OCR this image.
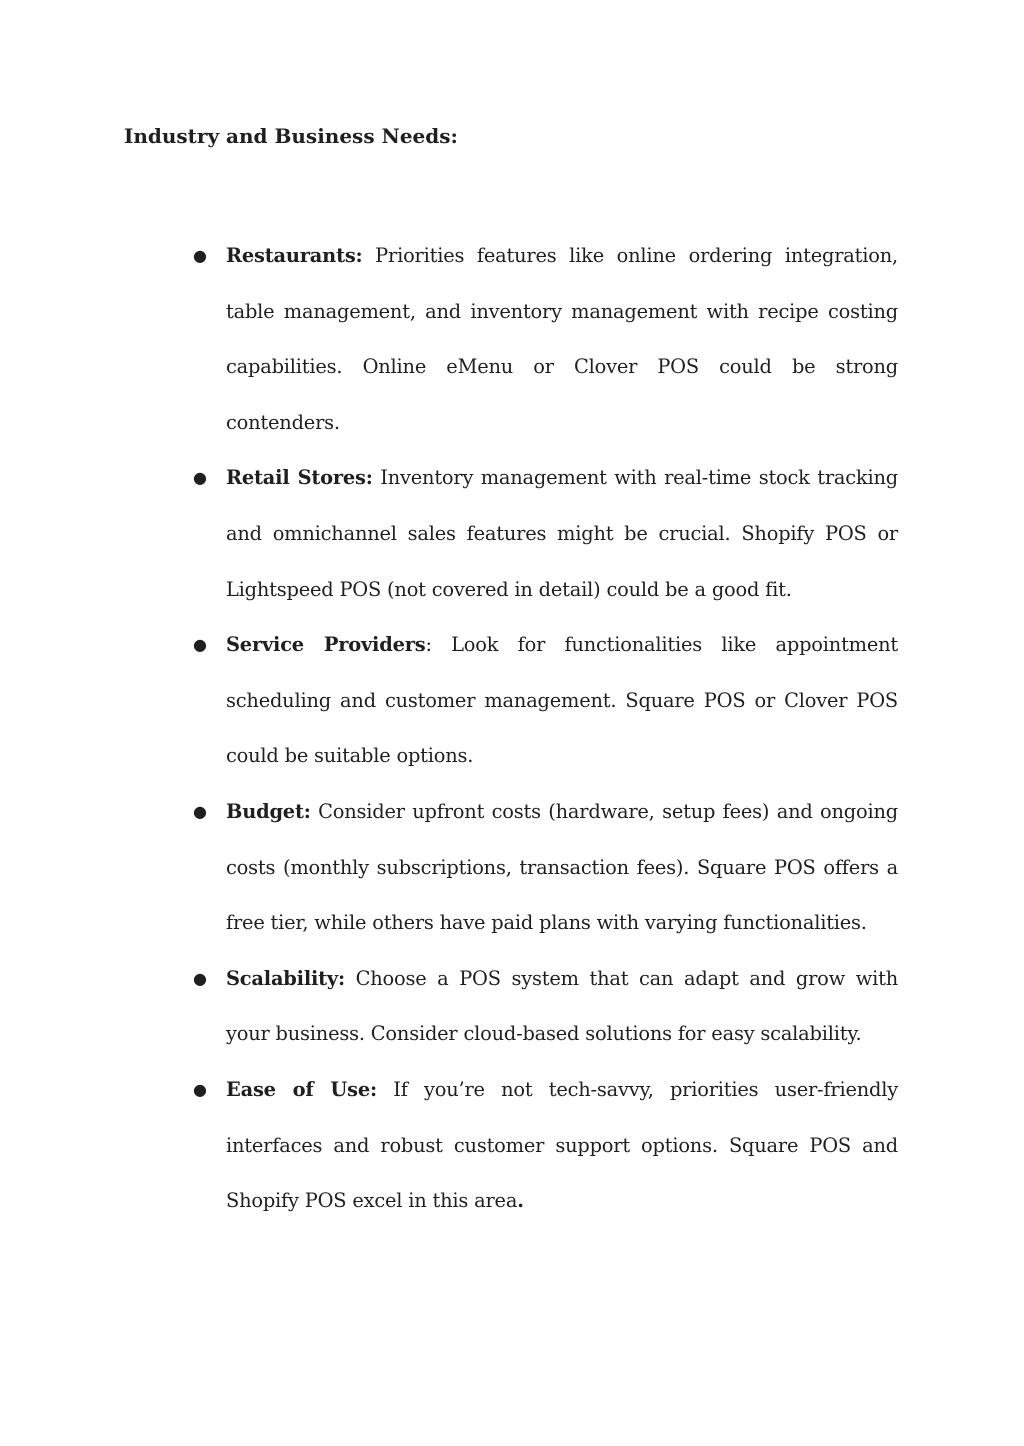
Industry and Business Needs:
● Restaurants: Priorities features like online ordering integration, table management, and inventory management with recipe costing capabilities. Online eMenu or Clover POS could be strong contenders.
● Retail Stores: Inventory management with real-time stock tracking and omnichannel sales features might be crucial. Shopify POS or Lightspeed POS (not covered in detail) could be a good fit.
● Service Providers: Look for functionalities like appointment scheduling and customer management. Square POS or Clover POS could be suitable options.
● Budget: Consider upfront costs (hardware, setup fees) and ongoing costs (monthly subscriptions, transaction fees). Square POS offers a free tier, while others have paid plans with varying functionalities.
● Scalability: Choose a POS system that can adapt and grow with your business. Consider cloud-based solutions for easy scalability.
● Ease of Use: If you’re not tech-savvy, priorities user-friendly interfaces and robust customer support options. Square POS and Shopify POS excel in this area.
